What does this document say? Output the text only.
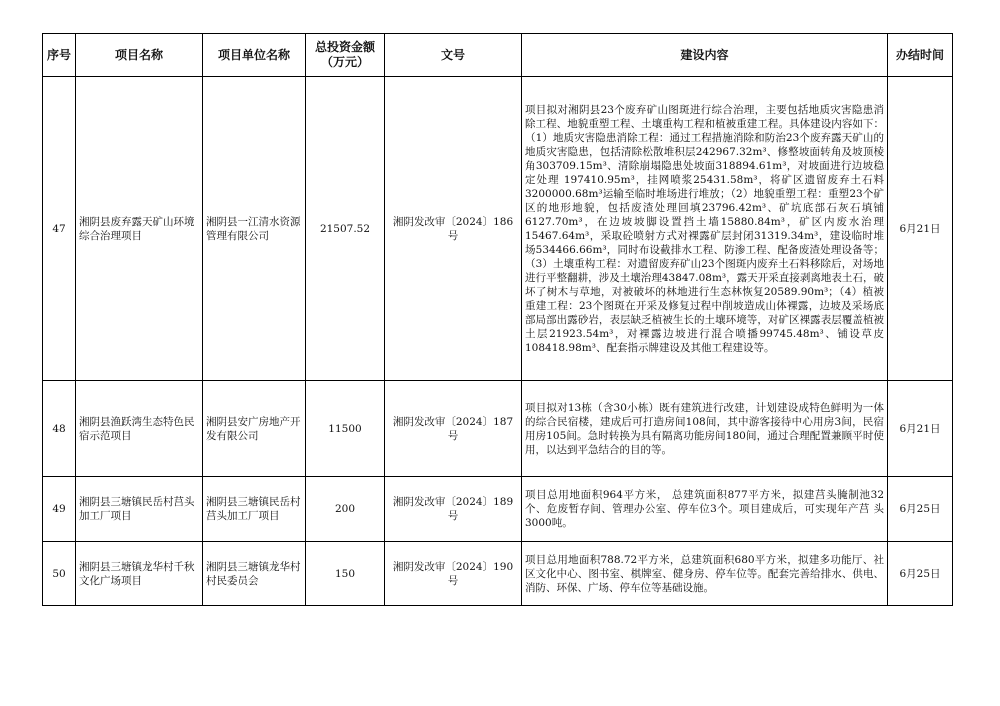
序号	项目名称	项目单位名称	总投资金额（万元）	文号	建设内容	办结时间
47	湘阴县废弃露天矿山环境综合治理项目	湘阴县一江清水资源管理有限公司	21507.52	湘阴发改审〔2024〕186号	项目拟对湘阴县23个废弃矿山图斑进行综合治理，主要包括地质灾害隐患消除工程、地貌重塑工程、土壤重构工程和植被重建工程。具体建设内容如下：（1）地质灾害隐患消除工程：通过工程措施消除和防治23个废弃露天矿山的地质灾害隐患，包括清除松散堆积层242967.32m³、修整坡面转角及坡顶棱角303709.15m³、清除崩塌隐患处坡面318894.61m³，对坡面进行边坡稳定处理 197410.95m³，挂网喷浆25431.58m³，将矿区遗留废弃土石料3200000.68m³运输至临时堆场进行堆放；（2）地貌重塑工程：重塑23个矿区的地形地貌，包括废渣处理回填23796.42m³、矿坑底部石灰石填铺 6127.70m³，在边坡坡脚设置挡土墙15880.84m³，矿区内废水治理15467.64m³，采取砼喷射方式对裸露矿层封闭31319.34m³，建设临时堆场534466.66m³，同时布设截排水工程、防渗工程、配备废渣处理设备等；（3）土壤重构工程：对遗留废弃矿山23个图斑内废弃土石料移除后，对场地进行平整翻耕，涉及土壤治理43847.08m³，露天开采直接剥离地表土石，破坏了树木与草地，对被破坏的林地进行生态林恢复20589.90m³；（4）植被重建工程：23个图斑在开采及修复过程中削坡造成山体裸露，边坡及采场底部局部出露砂岩，表层缺乏植被生长的土壤环境等，对矿区裸露表层覆盖植被土层21923.54m³，对裸露边坡进行混合喷播99745.48m³、铺设草皮108418.98m³、配套指示牌建设及其他工程建设等。	6月21日
48	湘阴县渔跃湾生态特色民宿示范项目	湘阴县安广房地产开发有限公司	11500	湘阴发改审〔2024〕187号	项目拟对13栋（含30小栋）既有建筑进行改建，计划建设成特色鲜明为一体的综合民宿楼，建成后可打造房间108间，其中游客接待中心用房3间，民宿用房105间。急时转换为具有隔离功能房间180间，通过合理配置兼顾平时使用，以达到平急结合的目的等。	6月21日
49	湘阴县三塘镇民岳村莒头加工厂项目	湘阴县三塘镇民岳村莒头加工厂项目	200	湘阴发改审〔2024〕189号	项目总用地面积964平方米， 总建筑面积877平方米，拟建莒头腌制池32个、危废暂存间、管理办公室、停车位3个。项目建成后，可实现年产莒 头3000吨。	6月25日
50	湘阴县三塘镇龙华村千秋文化广场项目	湘阴县三塘镇龙华村村民委员会	150	湘阴发改审〔2024〕190号	项目总用地面积788.72平方米，总建筑面积680平方米，拟建多功能厅、社区文化中心、图书室、棋牌室、健身房、停车位等。配套完善给排水、供电、消防、环保、广场、停车位等基础设施。	6月25日
